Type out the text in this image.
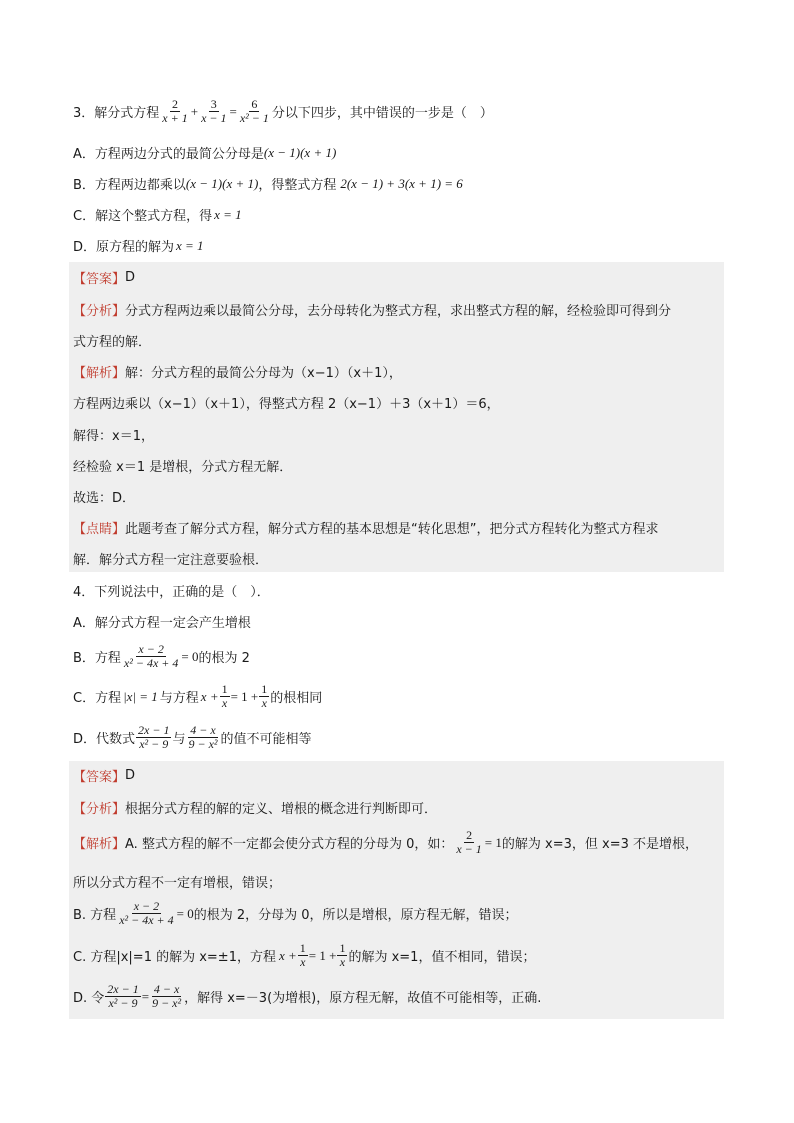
3．解分式方程 $\frac{2}{x + 1} + \frac{3}{x - 1} = \frac{6}{\text{x² − 1}}$ 分以下四步，其中错误的一步是（　）
A．方程两边分式的最简公分母是 (x − 1)(x + 1)
B．方程两边都乘以 (x − 1)(x + 1) ，得整式方程 2(x − 1) + 3(x + 1) = 6
C．解这个整式方程，得 x = 1
D．原方程的解为 x = 1
【答案】 D
【分析】 分式方程两边乘以最简公分母，去分母转化为整式方程，求出整式方程的解，经检验即可得到分
式方程的解．
【解析】 解：分式方程的最简公分母为（x−1）（x＋1），
方程两边乘以（x−1）（x＋1），得整式方程 2（x−1）＋3（x＋1）＝6，
解得：x＝1，
经检验 x＝1 是增根，分式方程无解．
故选：D．
【点睛】 此题考查了解分式方程，解分式方程的基本思想是“转化思想”，把分式方程转化为整式方程求
解．解分式方程一定注意要验根．
4．下列说法中，正确的是（　）．
A．解分式方程一定会产生增根
B．方程 $\frac{x - 2}{\text{x² − 4x + 4}} = 0$ 的根为 2
C．方程 |x| = 1 与方程 $x + \frac{1}{x} = 1 + \frac{1}{x}$ 的根相同
D．代数式 $\frac{2x - 1}{\text{x² − 9}}$ 与 $\frac{4 - x}{\text{9 − x²}}$ 的值不可能相等
【答案】 D
【分析】 根据分式方程的解的定义、增根的概念进行判断即可．
【解析】 A. 整式方程的解不一定都会使分式方程的分母为 0，如： $\frac{2}{x - 1} = 1$ 的解为 x=3，但 x=3 不是增根，
所以分式方程不一定有增根，错误；
B. 方程 $\frac{x - 2}{\text{x² − 4x + 4}} = 0$ 的根为 2，分母为 0，所以是增根，原方程无解，错误；
C. 方程|x|=1 的解为 x=±1，方程 $x + \frac{1}{x} = 1 + \frac{1}{x}$ 的解为 x=1，值不相同，错误；
D. 令 $\frac{2x - 1}{\text{x² − 9}} = \frac{4 - x}{\text{9 − x²}}$ ，解得 x=－3(为增根)，原方程无解，故值不可能相等，正确.
